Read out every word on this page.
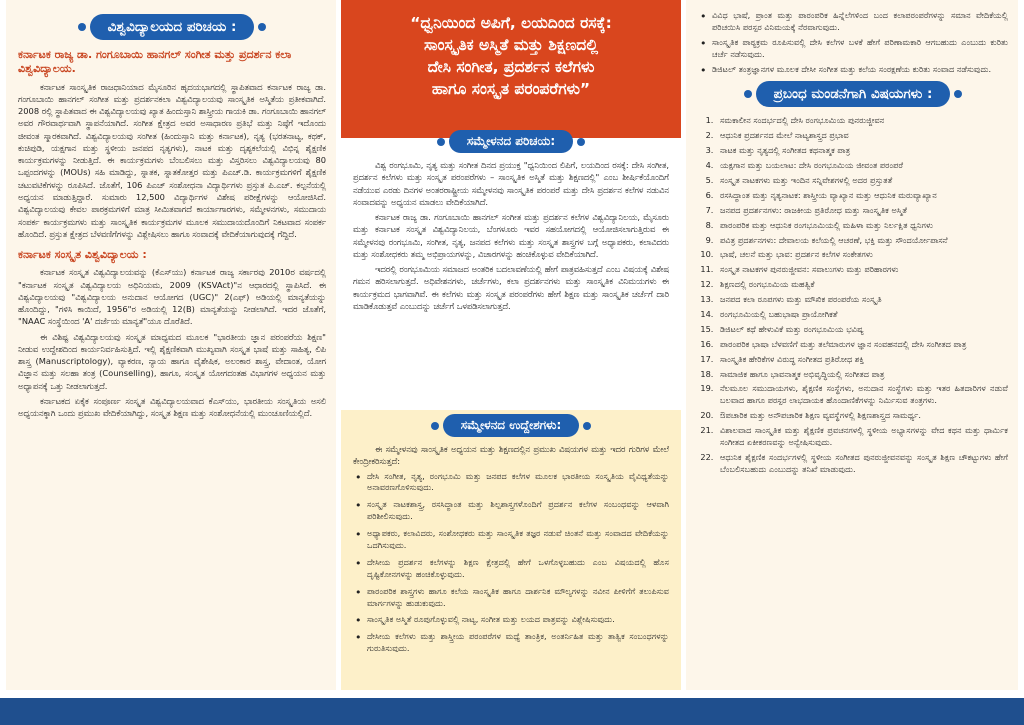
ವಿಶ್ವವಿದ್ಯಾಲಯದ ಪರಿಚಯ :
ಕರ್ನಾಟಕ ರಾಜ್ಯ ಡಾ. ಗಂಗೂಬಾಯಿ ಹಾನಗಲ್ ಸಂಗೀತ ಮತ್ತು ಪ್ರದರ್ಶನ ಕಲಾ ವಿಶ್ವವಿದ್ಯಾಲಯ.

ಕರ್ನಾಟಕ ಸಾಂಸ್ಕೃತಿಕ ರಾಜಧಾನಿಯಾದ ಮೈಸೂರಿನ ಹೃದಯಭಾಗದಲ್ಲಿ ಸ್ಥಾಪಿತವಾದ ಕರ್ನಾಟಕ ರಾಜ್ಯ ಡಾ. ಗಂಗೂಬಾಯಿ ಹಾನಗಲ್ ಸಂಗೀತ ಮತ್ತು ಪ್ರದರ್ಶನಕಲಾ ವಿಶ್ವವಿದ್ಯಾಲಯವು ಸಾಂಸ್ಕೃತಿಕ ಅಸ್ಮಿತೆಯ ಪ್ರತೀಕವಾಗಿದೆ. 2008 ರಲ್ಲಿ ಸ್ಥಾಪಿತವಾದ ಈ ವಿಶ್ವವಿದ್ಯಾಲಯವು ಖ್ಯಾತ ಹಿಂದುಸ್ತಾನಿ ಶಾಸ್ತ್ರೀಯ ಗಾಯಕಿ ಡಾ. ಗಂಗೂಬಾಯಿ ಹಾನಗಲ್ ಅವರ ಗೌರವಾರ್ಥವಾಗಿ ಸ್ಥಾಪನೆಯಾಗಿದೆ. ಸಂಗೀತ ಕ್ಷೇತ್ರದ ಅವರ ಅಸಾಧಾರಣ ಪ್ರತಿಭೆ ಮತ್ತು ನಿಷ್ಠೆಗೆ ಇದೊಂದು ಜೀವಂತ ಸ್ಮಾರಕವಾಗಿದೆ. ವಿಶ್ವವಿದ್ಯಾಲಯವು ಸಂಗೀತ (ಹಿಂದುಸ್ತಾನಿ ಮತ್ತು ಕರ್ನಾಟಕ), ನೃತ್ಯ (ಭರತನಾಟ್ಯ, ಕಥಕ್, ಕುಚಿಪುಡಿ, ಯಕ್ಷಗಾನ ಮತ್ತು ಸ್ಥಳೀಯ ಜನಪದ ನೃತ್ಯಗಳು), ನಾಟಕ ಮತ್ತು ದೃಶ್ಯಕಲೆಯಲ್ಲಿ ವಿಭಿನ್ನ ಶೈಕ್ಷಣಿಕ ಕಾರ್ಯಕ್ರಮಗಳನ್ನು ನೀಡುತ್ತಿದೆ. ಈ ಕಾರ್ಯಕ್ರಮಗಳು ಬೆಂಬಲಿಸಲು ಮತ್ತು ವಿಸ್ತರಿಸಲು ವಿಶ್ವವಿದ್ಯಾಲಯವು 80 ಒಪ್ಪಂದಗಳನ್ನು (MOUs) ಸಹಿ ಮಾಡಿದ್ದು, ಸ್ನಾತಕ, ಸ್ನಾತಕೋತ್ತರ ಮತ್ತು ಪಿಎಚ್.ಡಿ. ಕಾರ್ಯಕ್ರಮಗಳಿಗೆ ಶೈಕ್ಷಣಿಕ ಚಟುವಟಿಕೆಗಳನ್ನು ರೂಪಿಸಿದೆ. ಜೊತೆಗೆ, 106 ಪಿಎಚ್ ಸಂಶೋಧನಾ ವಿದ್ಯಾರ್ಥಿಗಳು ಪ್ರಸ್ತುತ ಪಿ.ಎಚ್. ಕಲ್ಪನೆಯಲ್ಲಿ ಅಧ್ಯಯನ ಮಾಡುತ್ತಿದ್ದಾರೆ. ಸುಮಾರು 12,500 ವಿದ್ಯಾರ್ಥಿಗಳ ವಿಶೇಷ ಪರೀಕ್ಷೆಗಳನ್ನು ಆಯೋಜಿಸಿದೆ. ವಿಶ್ವವಿದ್ಯಾಲಯವು ಕೇವಲ ಪಾಠಕ್ರಮಗಳಿಗೆ ಮಾತ್ರ ಸೀಮಿತವಾಗದೆ ಕಾರ್ಯಾಗಾರಗಳು, ಸಮ್ಮೇಳನಗಳು, ಸಮುದಾಯ ಸಂಪರ್ಕ ಕಾರ್ಯಕ್ರಮಗಳು ಮತ್ತು ಸಾಂಸ್ಕೃತಿಕ ಕಾರ್ಯಕ್ರಮಗಳ ಮೂಲಕ ಸಮುದಾಯದೊಂದಿಗೆ ನಿಕಟವಾದ ಸಂಪರ್ಕ ಹೊಂದಿದೆ. ಪ್ರಸ್ತುತ ಕ್ಷೇತ್ರದ ಬೆಳವಣಿಗೆಗಳನ್ನು ವಿಶ್ಲೇಷಿಸಲು ಹಾಗೂ ಸಂವಾದಕ್ಕೆ ವೇದಿಕೆಯಾಗುವುದಕ್ಕೆ ಗೆದ್ದಿದೆ.

ಕರ್ನಾಟಕ ಸಂಸ್ಕೃತ ವಿಶ್ವವಿದ್ಯಾಲಯ :

ಕರ್ನಾಟಕ ಸಂಸ್ಕೃತ ವಿಶ್ವವಿದ್ಯಾಲಯವನ್ನು (ಕೆಎಸ್‌ಯು) ಕರ್ನಾಟಕ ರಾಜ್ಯ ಸರ್ಕಾರವು 2010ರ ವರ್ಷದಲ್ಲಿ "ಕರ್ನಾಟಕ ಸಂಸ್ಕೃತ ವಿಶ್ವವಿದ್ಯಾಲಯ ಅಧಿನಿಯಮ, 2009 (KSVAct)"ನ ಆಧಾರದಲ್ಲಿ ಸ್ಥಾಪಿಸಿದೆ. ಈ ವಿಶ್ವವಿದ್ಯಾಲಯವು "ವಿಶ್ವವಿದ್ಯಾಲಯ ಅನುದಾನ ಆಯೋಗದ (UGC)" 2(ಎಫ್) ಅಡಿಯಲ್ಲಿ ಮಾನ್ಯತೆಯನ್ನು ಹೊಂದಿದ್ದು, "ಗಳಿಸಿ ಕಾಯಿದೆ, 1956"ರ ಅಡಿಯಲ್ಲಿ 12(B) ಮಾನ್ಯತೆಯನ್ನು ನೀಡಲಾಗಿದೆ. ಇದರ ಜೊತೆಗೆ, "NAAC ಸಂಸ್ಥೆಯಿಂದ 'A' ದರ್ಜೆಯ ಮಾನ್ಯತೆ"ಯೂ ದೊರೆತಿದೆ.

ಈ ವಿಶಿಷ್ಟ ವಿಶ್ವವಿದ್ಯಾಲಯವು ಸಂಸ್ಕೃತ ಮಾಧ್ಯಮದ ಮೂಲಕ "ಭಾರತೀಯ ಜ್ಞಾನ ಪರಂಪರೆಯ ಶಿಕ್ಷಣ" ನೀಡುವ ಉದ್ದೇಶದಿಂದ ಕಾರ್ಯನಿರ್ವಹಿಸುತ್ತಿದೆ. ಇಲ್ಲಿ ಶೈಕ್ಷಣಿಕವಾಗಿ ಮುಖ್ಯವಾಗಿ ಸಂಸ್ಕೃತ ಭಾಷೆ ಮತ್ತು ಸಾಹಿತ್ಯ, ಲಿಪಿ ಶಾಸ್ತ್ರ (Manuscriptology), ವ್ಯಾಕರಣ, ನ್ಯಾಯ ಹಾಗೂ ವೈಶೇಷಿಕ, ಅಲಂಕಾರ ಶಾಸ್ತ್ರ, ವೇದಾಂತ, ಯೋಗ ವಿಜ್ಞಾನ ಮತ್ತು ಸಲಹಾ ತಂತ್ರ (Counselling), ಹಾಗೂ, ಸಂಸ್ಕೃತ ಯೋಗದಂತಹ ವಿಭಾಗಗಳ ಅಧ್ಯಯನ ಮತ್ತು ಅಧ್ಯಾಪನಕ್ಕೆ ಒತ್ತು ನೀಡಲಾಗುತ್ತದೆ.

ಕರ್ನಾಟಕದ ಏಕೈಕ ಸಂಪೂರ್ಣ ಸಂಸ್ಕೃತ ವಿಶ್ವವಿದ್ಯಾಲಯವಾದ ಕೆಎಸ್‌ಯು, ಭಾರತೀಯ ಸಂಸ್ಕೃತಿಯ ಅಸಲಿ ಅಧ್ಯಯನಕ್ಕಾಗಿ ಒಂದು ಪ್ರಮುಖ ವೇದಿಕೆಯಾಗಿದ್ದು, ಸಂಸ್ಕೃತ ಶಿಕ್ಷಣ ಮತ್ತು ಸಂಶೋಧನೆಯಲ್ಲಿ ಮುಂಚೂಣಿಯಲ್ಲಿದೆ.

“ಧ್ವನಿಯಿಂದ ಅಪಿಗೆ, ಲಯದಿಂದ ರಸಕ್ಕೆ:
ಸಾಂಸ್ಕೃತಿಕ ಅಸ್ಮಿತೆ ಮತ್ತು ಶಿಕ್ಷಣದಲ್ಲಿ
ದೇಸಿ ಸಂಗೀತ, ಪ್ರದರ್ಶನ ಕಲೆಗಳು
ಹಾಗೂ ಸಂಸ್ಕೃತ ಪರಂಪರೆಗಳು”
ಸಮ್ಮೇಳನದ ಪರಿಚಯ:

ವಿಶ್ವ ರಂಗಭೂಮಿ, ನೃತ್ಯ ಮತ್ತು ಸಂಗೀತ ದಿನದ ಪ್ರಯುಕ್ತ "ಧ್ವನಿಯಿಂದ ಲಿಪಿಗೆ, ಲಯದಿಂದ ರಸಕ್ಕೆ: ದೇಸಿ ಸಂಗೀತ, ಪ್ರದರ್ಶನ ಕಲೆಗಳು ಮತ್ತು ಸಂಸ್ಕೃತ ಪರಂಪರೆಗಳು – ಸಾಂಸ್ಕೃತಿಕ ಅಸ್ಮಿತೆ ಮತ್ತು ಶಿಕ್ಷಣದಲ್ಲಿ" ಎಂಬ ಶೀರ್ಷಿಕೆಯೊಂದಿಗೆ ನಡೆಯುವ ಎರಡು ದಿನಗಳ ಅಂತರರಾಷ್ಟ್ರೀಯ ಸಮ್ಮೇಳನವು ಸಾಂಸ್ಕೃತಿಕ ಪರಂಪರೆ ಮತ್ತು ದೇಸಿ ಪ್ರದರ್ಶನ ಕಲೆಗಳ ನಡುವಿನ ಸಂವಾದವನ್ನು ಅಧ್ಯಯನ ಮಾಡಲು ವೇದಿಕೆಯಾಗಿದೆ.

ಕರ್ನಾಟಕ ರಾಜ್ಯ ಡಾ. ಗಂಗೂಬಾಯಿ ಹಾನಗಲ್ ಸಂಗೀತ ಮತ್ತು ಪ್ರದರ್ಶನ ಕಲೆಗಳ ವಿಶ್ವವಿದ್ಯಾನಿಲಯ, ಮೈಸೂರು ಮತ್ತು ಕರ್ನಾಟಕ ಸಂಸ್ಕೃತ ವಿಶ್ವವಿದ್ಯಾನಿಲಯ, ಬೆಂಗಳೂರು ಇವರ ಸಹಯೋಗದಲ್ಲಿ ಆಯೋಜಿಸಲಾಗುತ್ತಿರುವ ಈ ಸಮ್ಮೇಳನವು ರಂಗಭೂಮಿ, ಸಂಗೀತ, ನೃತ್ಯ, ಜನಪದ ಕಲೆಗಳು ಮತ್ತು ಸಂಸ್ಕೃತ ಶಾಸ್ತ್ರಗಳ ಬಗ್ಗೆ ಅಧ್ಯಾಪಕರು, ಕಲಾವಿದರು ಮತ್ತು ಸಂಶೋಧಕರು ತಮ್ಮ ಅಭಿಪ್ರಾಯಗಳನ್ನು, ವಿಚಾರಗಳನ್ನು ಹಂಚಿಕೊಳ್ಳುವ ವೇದಿಕೆಯಾಗಿದೆ.

ಇದರಲ್ಲಿ ರಂಗಭೂಮಿಯ ಸಮಾಜದ ಅಂತರಿಕ ಬದಲಾವಣೆಯಲ್ಲಿ ಹೇಗೆ ಪಾತ್ರವಹಿಸುತ್ತದೆ ಎಂಬ ವಿಷಯಕ್ಕೆ ವಿಶೇಷ ಗಮನ ಹರಿಸಲಾಗುತ್ತದೆ. ಅಧಿವೇಶನಗಳು, ಚರ್ಚೆಗಳು, ಕಲಾ ಪ್ರದರ್ಶನಗಳು ಮತ್ತು ಸಾಂಸ್ಕೃತಿಕ ವಿನಿಮಯಗಳು ಈ ಕಾರ್ಯಕ್ರಮದ ಭಾಗವಾಗಿವೆ. ಈ ಕಲೆಗಳು ಮತ್ತು ಸಂಸ್ಕೃತ ಪರಂಪರೆಗಳು ಹೇಗೆ ಶಿಕ್ಷಣ ಮತ್ತು ಸಾಂಸ್ಕೃತಿಕ ಚರ್ಚೆಗೆ ದಾರಿ ಮಾಡಿಕೊಡುತ್ತವೆ ಎಂಬುದನ್ನು ಚರ್ಚೆಗೆ ಒಳಪಡಿಸಲಾಗುತ್ತದೆ.

ಸಮ್ಮೇಳನದ ಉದ್ದೇಶಗಳು:

ಈ ಸಮ್ಮೇಳನವು ಸಾಂಸ್ಕೃತಿಕ ಅಧ್ಯಯನ ಮತ್ತು ಶಿಕ್ಷಣದಲ್ಲಿನ ಪ್ರಮುಖ ವಿಷಯಗಳ ಮತ್ತು ಇದರ ಗುರಿಗಳ ಮೇಲೆ ಕೇಂದ್ರೀಕರಿಸುತ್ತದೆ:

• ದೇಸಿ ಸಂಗೀತ, ನೃತ್ಯ, ರಂಗಭೂಮಿ ಮತ್ತು ಜನಪದ ಕಲೆಗಳ ಮೂಲಕ ಭಾರತೀಯ ಸಂಸ್ಕೃತಿಯ ವೈವಿಧ್ಯತೆಯನ್ನು ಅನಾವರಣಗೊಳಿಸುವುದು.
• ಸಂಸ್ಕೃತ ನಾಟಕಶಾಸ್ತ್ರ, ರಸಸಿದ್ಧಾಂತ ಮತ್ತು ಶಿಲ್ಪಶಾಸ್ತ್ರಗಳೊಂದಿಗೆ ಪ್ರದರ್ಶನ ಕಲೆಗಳ ಸಂಬಂಧವನ್ನು ಆಳವಾಗಿ ಪರಿಶೀಲಿಸುವುದು.
• ಅಧ್ಯಾಪಕರು, ಕಲಾವಿದರು, ಸಂಶೋಧಕರು ಮತ್ತು ಸಾಂಸ್ಕೃತಿಕ ತಜ್ಞರ ನಡುವೆ ಚಿಂತನೆ ಮತ್ತು ಸಂವಾದದ ವೇದಿಕೆಯನ್ನು ಒದಗಿಸುವುದು.
• ದೇಸೀಯ ಪ್ರದರ್ಶನ ಕಲೆಗಳನ್ನು ಶಿಕ್ಷಣ ಕ್ಷೇತ್ರದಲ್ಲಿ ಹೇಗೆ ಒಳಗೊಳ್ಳಬಹುದು ಎಂಬ ವಿಷಯದಲ್ಲಿ ಹೊಸ ದೃಷ್ಟಿಕೋನಗಳನ್ನು ಹಂಚಿಕೊಳ್ಳುವುದು.
• ಪಾರಂಪರಿಕ ಶಾಸ್ತ್ರಗಳು ಹಾಗೂ ಕಲೆಯ ಸಾಂಸ್ಕೃತಿಕ ಹಾಗೂ ದಾರ್ಶನಿಕ ಮೌಲ್ಯಗಳನ್ನು ನವೀನ ಪೀಳಿಗೆಗೆ ತಲುಪಿಸುವ ಮಾರ್ಗಗಳನ್ನು ಹುಡುಕುವುದು.
• ಸಾಂಸ್ಕೃತಿಕ ಅಸ್ಮಿತೆ ರೂಪುಗೊಳ್ಳುವಲ್ಲಿ ನಾಟ್ಯ, ಸಂಗೀತ ಮತ್ತು ಲಯದ ಪಾತ್ರವನ್ನು ವಿಶ್ಲೇಷಿಸುವುದು.
• ದೇಸೀಯ ಕಲೆಗಳು ಮತ್ತು ಶಾಸ್ತ್ರೀಯ ಪರಂಪರೆಗಳ ಮಧ್ಯೆ ತಾಂತ್ರಿಕ, ಅಂತರ್ನಿಹಿತ ಮತ್ತು ತಾತ್ವಿಕ ಸಂಬಂಧಗಳನ್ನು ಗುರುತಿಸುವುದು.
• ವಿವಿಧ ಭಾಷೆ, ಪ್ರಾಂತ ಮತ್ತು ಪಾರಂಪರಿಕ ಹಿನ್ನೆಲೆಗಳಿಂದ ಬಂದ ಕಲಾಪರಂಪರೆಗಳನ್ನು ಸಮಾನ ವೇದಿಕೆಯಲ್ಲಿ ಪರಿಚಯಿಸಿ ಪರಸ್ಪರ ವಿನಿಮಯಕ್ಕೆ ನೆರವಾಗುವುದು.
• ಸಾಂಸ್ಕೃತಿಕ ಪಾಠ್ಯಕ್ರಮ ರೂಪಿಸುವಲ್ಲಿ ದೇಸಿ ಕಲೆಗಳ ಬಳಕೆ ಹೇಗೆ ಪರಿಣಾಮಕಾರಿ ಆಗಬಹುದು ಎಂಬುದು ಕುರಿತು ಚರ್ಚೆ ನಡೆಸುವುದು.
• ಡಿಜಿಟಲ್ ತಂತ್ರಜ್ಞಾನಗಳ ಮೂಲಕ ದೇಸೀ ಸಂಗೀತ ಮತ್ತು ಕಲೆಯ ಸಂರಕ್ಷಣೆಯ ಕುರಿತು ಸಂವಾದ ನಡೆಸುವುದು.
ಪ್ರಬಂಧ ಮಂಡನೆಗಾಗಿ ವಿಷಯಗಳು :
1. ಸಮಕಾಲೀನ ಸಂದರ್ಭದಲ್ಲಿ ದೇಸಿ ರಂಗಭೂಮಿಯ ಪುನರುಜ್ಜೀವನ
2. ಆಧುನಿಕ ಪ್ರದರ್ಶನದ ಮೇಲೆ ನಾಟ್ಯಶಾಸ್ತ್ರದ ಪ್ರಭಾವ
3. ನಾಟಕ ಮತ್ತು ನೃತ್ಯದಲ್ಲಿ ಸಂಗೀತದ ಕಥನಾತ್ಮಕ ಪಾತ್ರ
4. ಯಕ್ಷಗಾನ ಮತ್ತು ಬಯಲಾಟ: ದೇಸಿ ರಂಗಭೂಮಿಯ ಜೀವಂತ ಪರಂಪರೆ
5. ಸಂಸ್ಕೃತ ನಾಟಕಗಳು ಮತ್ತು ಇಂದಿನ ಸನ್ನಿವೇಶಗಳಲ್ಲಿ ಅದರ ಪ್ರಸ್ತುತತೆ
6. ರಸಸಿದ್ಧಾಂತ ಮತ್ತು ನೃತ್ಯನಾಟಕ: ಶಾಸ್ತ್ರೀಯ ವ್ಯಾಖ್ಯಾನ ಮತ್ತು ಆಧುನಿಕ ಮರುವ್ಯಾಖ್ಯಾನ
7. ಜನಪದ ಪ್ರದರ್ಶನಗಳು: ರಾಜಕೀಯ ಪ್ರತಿರೋಧ ಮತ್ತು ಸಾಂಸ್ಕೃತಿಕ ಅಸ್ಮಿತೆ
8. ಪಾರಂಪರಿಕ ಮತ್ತು ಆಧುನಿಕ ರಂಗಭೂಮಿಯಲ್ಲಿ ಮಹಿಳಾ ಮತ್ತು ನಿರ್ಲಕ್ಷಿತ ಧ್ವನಿಗಳು
9. ಪವಿತ್ರ ಪ್ರದರ್ಶನಗಳು: ದೇವಾಲಯ ಕಲೆಯಲ್ಲಿ ಆಚರಣೆ, ಭಕ್ತಿ ಮತ್ತು ಸೌಂದರ್ಯೋಪಾಸನೆ
10. ಭಾಷೆ, ಚಲನೆ ಮತ್ತು ಭಾವ: ಪ್ರದರ್ಶನ ಕಲೆಗಳ ಸಂಕೇತಗಳು
11. ಸಂಸ್ಕೃತ ನಾಟಕಗಳ ಪುನರುಜ್ಜೀವನ: ಸವಾಲುಗಳು ಮತ್ತು ಪರಿಹಾರಗಳು
12. ಶಿಕ್ಷಣದಲ್ಲಿ ರಂಗಭೂಮಿಯ ಮಹತ್ವಿಕೆ
13. ಜನಪದ ಕಲಾ ರೂಪಗಳು ಮತ್ತು ಮೌಖಿಕ ಪರಂಪರೆಯ ಸಂಸ್ಕೃತಿ
14. ರಂಗಭೂಮಿಯಲ್ಲಿ ಬಹುಭಾಷಾ ಪ್ರಾಯೋಗಿಕತೆ
15. ಡಿಜಿಟಲ್ ಕಥೆ ಹೇಳುವಿಕೆ ಮತ್ತು ರಂಗಭೂಮಿಯ ಭವಿಷ್ಯ
16. ಪಾರಂಪರಿಕ ಭಾಷಾ ಬೆಳವಣಿಗೆ ಮತ್ತು ತಲೆಮಾರುಗಳ ಜ್ಞಾನ ಸಂವಹನದಲ್ಲಿ ದೇಸಿ ಸಂಗೀತದ ಪಾತ್ರ
17. ಸಾಂಸ್ಕೃತಿಕ ಹೇರಿಕೆಗಳ ವಿರುದ್ಧ ಸಂಗೀತದ ಪ್ರತಿರೋಧ ಶಕ್ತಿ
18. ಸಾಮಾಜಿಕ ಹಾಗೂ ಭಾವನಾತ್ಮಕ ಅಭಿವೃದ್ಧಿಯಲ್ಲಿ ಸಂಗೀತದ ಪಾತ್ರ
19. ನೆಲಮೂಲ ಸಮುದಾಯಗಳು, ಶೈಕ್ಷಣಿಕ ಸಂಸ್ಥೆಗಳು, ಅನುದಾನ ಸಂಸ್ಥೆಗಳು ಮತ್ತು ಇತರ ಹಿತದಾರಿಗಳ ನಡುವೆ ಬಲವಾದ ಹಾಗೂ ಪರಸ್ಪರ ಲಾಭದಾಯಕ ಹೊಂದಾಣಿಕೆಗಳನ್ನು ನಿರ್ಮಿಸುವ ತಂತ್ರಗಳು.
20. ಔಪಚಾರಿಕ ಮತ್ತು ಅನೌಪಚಾರಿಕ ಶಿಕ್ಷಣ ವ್ಯವಸ್ಥೆಗಳಲ್ಲಿ ಶಿಕ್ಷಣಶಾಸ್ತ್ರದ ಸಾಮರ್ಥ್ಯ.
21. ವಿಶಾಲವಾದ ಸಾಂಸ್ಕೃತಿಕ ಮತ್ತು ಶೈಕ್ಷಣಿಕ ಪ್ರವಚನಗಳಲ್ಲಿ ಸ್ಥಳೀಯ ಅಭ್ಯಾಸಗಳನ್ನು ವೇದ ಕಥನ ಮತ್ತು ಧಾರ್ಮಿಕ ಸಂಗೀತದ ಏಕೀಕರಣವನ್ನು ಅನ್ವೇಷಿಸುವುದು.
22. ಆಧುನಿಕ ಶೈಕ್ಷಣಿಕ ಸಂದರ್ಭಗಳಲ್ಲಿ ಸ್ಥಳೀಯ ಸಂಗೀತದ ಪುನರುಜ್ಜೀವನವನ್ನು ಸಂಸ್ಕೃತ ಶಿಕ್ಷಣ ಚೌಕಟ್ಟುಗಳು ಹೇಗೆ ಬೆಂಬಲಿಸಬಹುದು ಎಂಬುದನ್ನು ತನಿಖೆ ಮಾಡುವುದು.
